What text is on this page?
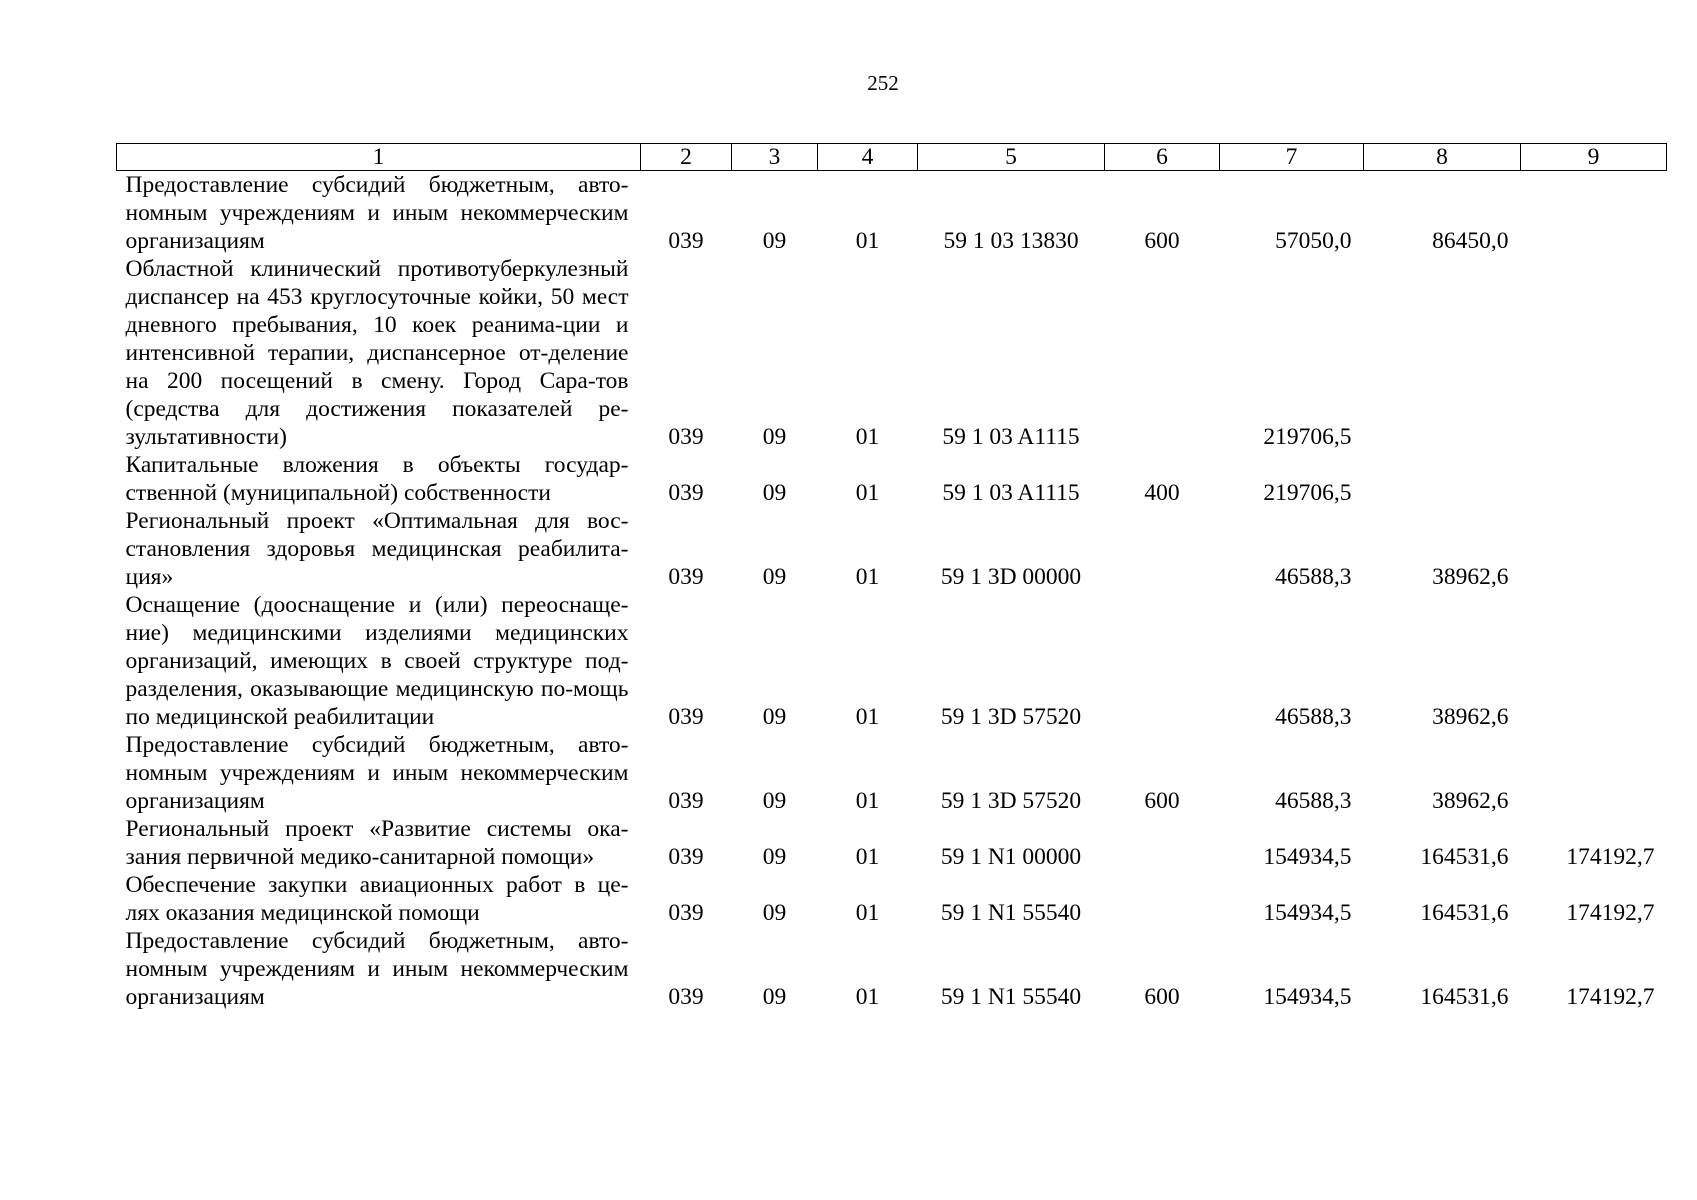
252
1	2	3	4	5	6	7	8	9
Предоставление субсидий бюджетным, авто-номным учреждениям и иным некоммерческим организациям	039	09	01	59 1 03 13830	600	57050,0	86450,0	
Областной клинический противотуберкулезный диспансер на 453 круглосуточные койки, 50 мест дневного пребывания, 10 коек реанима-ции и интенсивной терапии, диспансерное от-деление на 200 посещений в смену. Город Сара-тов (средства для достижения показателей ре-зультативности)	039	09	01	59 1 03 A1115		219706,5		
Капитальные вложения в объекты государ-ственной (муниципальной) собственности	039	09	01	59 1 03 A1115	400	219706,5		
Региональный проект «Оптимальная для вос-становления здоровья медицинская реабилита-ция»	039	09	01	59 1 3D 00000		46588,3	38962,6	
Оснащение (дооснащение и (или) переоснаще-ние) медицинскими изделиями медицинских организаций, имеющих в своей структуре под-разделения, оказывающие медицинскую по-мощь по медицинской реабилитации	039	09	01	59 1 3D 57520		46588,3	38962,6	
Предоставление субсидий бюджетным, авто-номным учреждениям и иным некоммерческим организациям	039	09	01	59 1 3D 57520	600	46588,3	38962,6	
Региональный проект «Развитие системы ока-зания первичной медико-санитарной помощи»	039	09	01	59 1 N1 00000		154934,5	164531,6	174192,7
Обеспечение закупки авиационных работ в це-лях оказания медицинской помощи	039	09	01	59 1 N1 55540		154934,5	164531,6	174192,7
Предоставление субсидий бюджетным, авто-номным учреждениям и иным некоммерческим организациям	039	09	01	59 1 N1 55540	600	154934,5	164531,6	174192,7
